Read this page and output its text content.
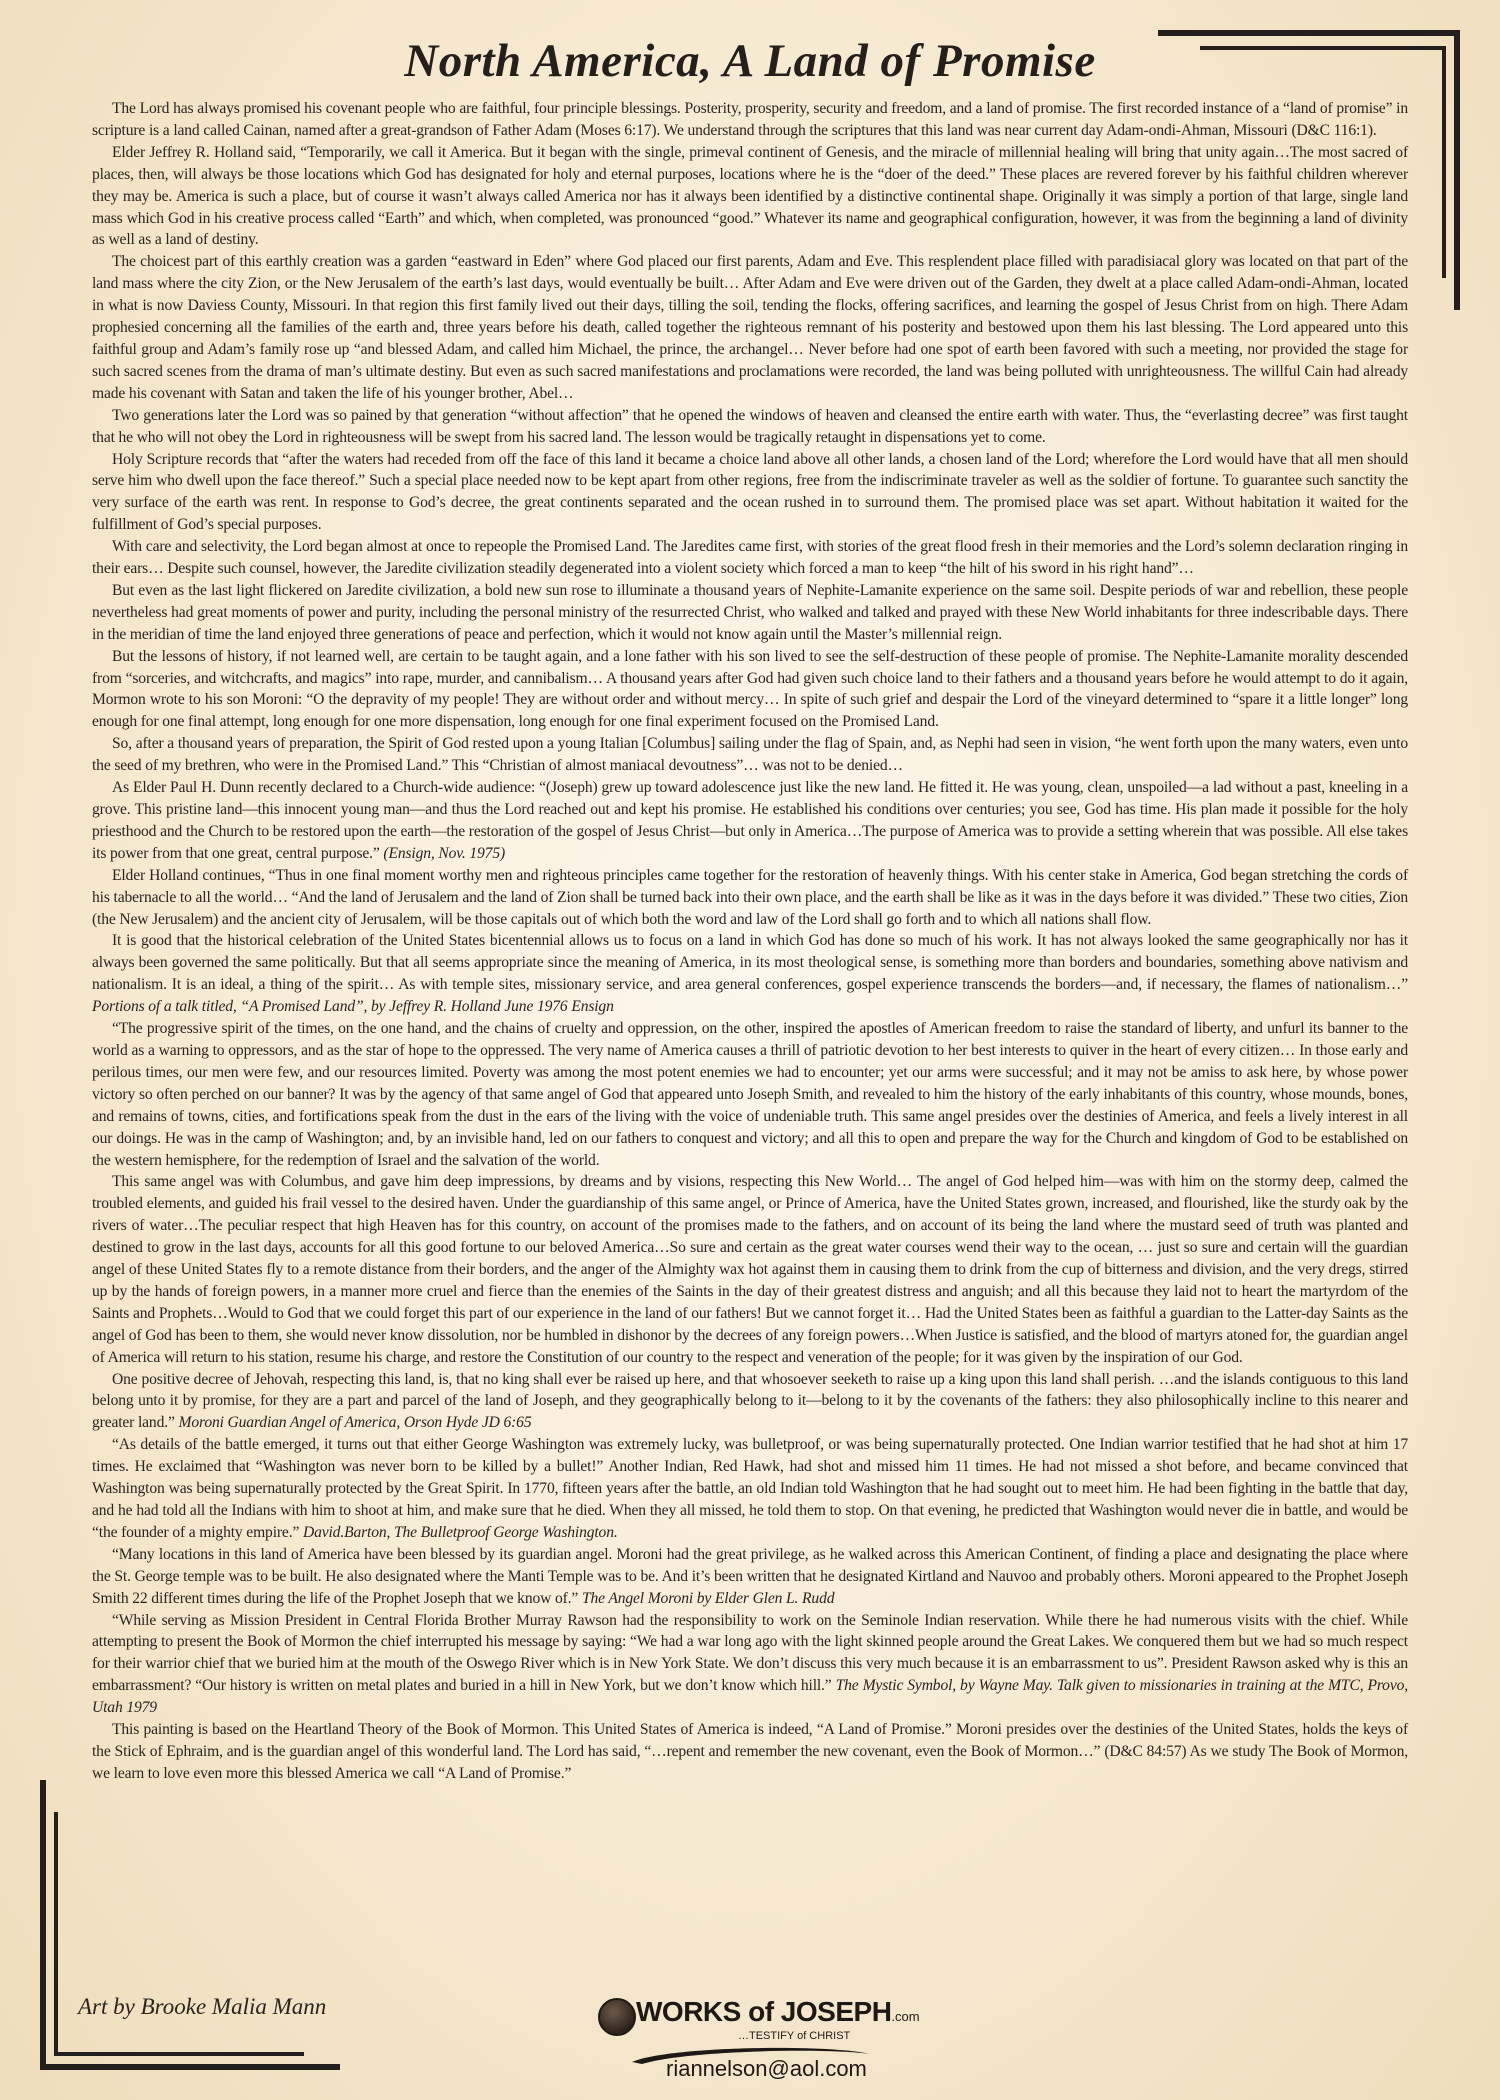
North America, A Land of Promise

The Lord has always promised his covenant people who are faithful, four principle blessings. Posterity, prosperity, security and freedom, and a land of promise. The first recorded instance of a “land of promise” in scripture is a land called Cainan, named after a great-grandson of Father Adam (Moses 6:17). We understand through the scriptures that this land was near current day Adam-ondi-Ahman, Missouri (D&C 116:1).

Elder Jeffrey R. Holland said, “Temporarily, we call it America. But it began with the single, primeval continent of Genesis, and the miracle of millennial healing will bring that unity again…The most sacred of places, then, will always be those locations which God has designated for holy and eternal purposes, locations where he is the “doer of the deed.” These places are revered forever by his faithful children wherever they may be. America is such a place, but of course it wasn’t always called America nor has it always been identified by a distinctive continental shape. Originally it was simply a portion of that large, single land mass which God in his creative process called “Earth” and which, when completed, was pronounced “good.” Whatever its name and geographical configuration, however, it was from the beginning a land of divinity as well as a land of destiny.

The choicest part of this earthly creation was a garden “eastward in Eden” where God placed our first parents, Adam and Eve. This resplendent place filled with paradisiacal glory was located on that part of the land mass where the city Zion, or the New Jerusalem of the earth’s last days, would eventually be built… After Adam and Eve were driven out of the Garden, they dwelt at a place called Adam-ondi-Ahman, located in what is now Daviess County, Missouri. In that region this first family lived out their days, tilling the soil, tending the flocks, offering sacrifices, and learning the gospel of Jesus Christ from on high. There Adam prophesied concerning all the families of the earth and, three years before his death, called together the righteous remnant of his posterity and bestowed upon them his last blessing. The Lord appeared unto this faithful group and Adam’s family rose up “and blessed Adam, and called him Michael, the prince, the archangel… Never before had one spot of earth been favored with such a meeting, nor provided the stage for such sacred scenes from the drama of man’s ultimate destiny. But even as such sacred manifestations and proclamations were recorded, the land was being polluted with unrighteousness. The willful Cain had already made his covenant with Satan and taken the life of his younger brother, Abel…

Two generations later the Lord was so pained by that generation “without affection” that he opened the windows of heaven and cleansed the entire earth with water. Thus, the “everlasting decree” was first taught that he who will not obey the Lord in righteousness will be swept from his sacred land. The lesson would be tragically retaught in dispensations yet to come.

Holy Scripture records that “after the waters had receded from off the face of this land it became a choice land above all other lands, a chosen land of the Lord; wherefore the Lord would have that all men should serve him who dwell upon the face thereof.” Such a special place needed now to be kept apart from other regions, free from the indiscriminate traveler as well as the soldier of fortune. To guarantee such sanctity the very surface of the earth was rent. In response to God’s decree, the great continents separated and the ocean rushed in to surround them. The promised place was set apart. Without habitation it waited for the fulfillment of God’s special purposes.

With care and selectivity, the Lord began almost at once to repeople the Promised Land. The Jaredites came first, with stories of the great flood fresh in their memories and the Lord’s solemn declaration ringing in their ears… Despite such counsel, however, the Jaredite civilization steadily degenerated into a violent society which forced a man to keep “the hilt of his sword in his right hand”…

But even as the last light flickered on Jaredite civilization, a bold new sun rose to illuminate a thousand years of Nephite-Lamanite experience on the same soil. Despite periods of war and rebellion, these people nevertheless had great moments of power and purity, including the personal ministry of the resurrected Christ, who walked and talked and prayed with these New World inhabitants for three indescribable days. There in the meridian of time the land enjoyed three generations of peace and perfection, which it would not know again until the Master’s millennial reign.

But the lessons of history, if not learned well, are certain to be taught again, and a lone father with his son lived to see the self-destruction of these people of promise. The Nephite-Lamanite morality descended from “sorceries, and witchcrafts, and magics” into rape, murder, and cannibalism… A thousand years after God had given such choice land to their fathers and a thousand years before he would attempt to do it again, Mormon wrote to his son Moroni: “O the depravity of my people! They are without order and without mercy… In spite of such grief and despair the Lord of the vineyard determined to “spare it a little longer” long enough for one final attempt, long enough for one more dispensation, long enough for one final experiment focused on the Promised Land.

So, after a thousand years of preparation, the Spirit of God rested upon a young Italian [Columbus] sailing under the flag of Spain, and, as Nephi had seen in vision, “he went forth upon the many waters, even unto the seed of my brethren, who were in the Promised Land.” This “Christian of almost maniacal devoutness”… was not to be denied…

As Elder Paul H. Dunn recently declared to a Church-wide audience: “(Joseph) grew up toward adolescence just like the new land. He fitted it. He was young, clean, unspoiled—a lad without a past, kneeling in a grove. This pristine land—this innocent young man—and thus the Lord reached out and kept his promise. He established his conditions over centuries; you see, God has time. His plan made it possible for the holy priesthood and the Church to be restored upon the earth—the restoration of the gospel of Jesus Christ—but only in America…The purpose of America was to provide a setting wherein that was possible. All else takes its power from that one great, central purpose.” (Ensign, Nov. 1975)

Elder Holland continues, “Thus in one final moment worthy men and righteous principles came together for the restoration of heavenly things. With his center stake in America, God began stretching the cords of his tabernacle to all the world… “And the land of Jerusalem and the land of Zion shall be turned back into their own place, and the earth shall be like as it was in the days before it was divided.” These two cities, Zion (the New Jerusalem) and the ancient city of Jerusalem, will be those capitals out of which both the word and law of the Lord shall go forth and to which all nations shall flow.

It is good that the historical celebration of the United States bicentennial allows us to focus on a land in which God has done so much of his work. It has not always looked the same geographically nor has it always been governed the same politically. But that all seems appropriate since the meaning of America, in its most theological sense, is something more than borders and boundaries, something above nativism and nationalism. It is an ideal, a thing of the spirit… As with temple sites, missionary service, and area general conferences, gospel experience transcends the borders—and, if necessary, the flames of nationalism…” Portions of a talk titled, “A Promised Land”, by Jeffrey R. Holland June 1976 Ensign

“The progressive spirit of the times, on the one hand, and the chains of cruelty and oppression, on the other, inspired the apostles of American freedom to raise the standard of liberty, and unfurl its banner to the world as a warning to oppressors, and as the star of hope to the oppressed. The very name of America causes a thrill of patriotic devotion to her best interests to quiver in the heart of every citizen… In those early and perilous times, our men were few, and our resources limited. Poverty was among the most potent enemies we had to encounter; yet our arms were successful; and it may not be amiss to ask here, by whose power victory so often perched on our banner? It was by the agency of that same angel of God that appeared unto Joseph Smith, and revealed to him the history of the early inhabitants of this country, whose mounds, bones, and remains of towns, cities, and fortifications speak from the dust in the ears of the living with the voice of undeniable truth. This same angel presides over the destinies of America, and feels a lively interest in all our doings. He was in the camp of Washington; and, by an invisible hand, led on our fathers to conquest and victory; and all this to open and prepare the way for the Church and kingdom of God to be established on the western hemisphere, for the redemption of Israel and the salvation of the world.

This same angel was with Columbus, and gave him deep impressions, by dreams and by visions, respecting this New World… The angel of God helped him—was with him on the stormy deep, calmed the troubled elements, and guided his frail vessel to the desired haven. Under the guardianship of this same angel, or Prince of America, have the United States grown, increased, and flourished, like the sturdy oak by the rivers of water…The peculiar respect that high Heaven has for this country, on account of the promises made to the fathers, and on account of its being the land where the mustard seed of truth was planted and destined to grow in the last days, accounts for all this good fortune to our beloved America…So sure and certain as the great water courses wend their way to the ocean, … just so sure and certain will the guardian angel of these United States fly to a remote distance from their borders, and the anger of the Almighty wax hot against them in causing them to drink from the cup of bitterness and division, and the very dregs, stirred up by the hands of foreign powers, in a manner more cruel and fierce than the enemies of the Saints in the day of their greatest distress and anguish; and all this because they laid not to heart the martyrdom of the Saints and Prophets…Would to God that we could forget this part of our experience in the land of our fathers! But we cannot forget it… Had the United States been as faithful a guardian to the Latter-day Saints as the angel of God has been to them, she would never know dissolution, nor be humbled in dishonor by the decrees of any foreign powers…When Justice is satisfied, and the blood of martyrs atoned for, the guardian angel of America will return to his station, resume his charge, and restore the Constitution of our country to the respect and veneration of the people; for it was given by the inspiration of our God.

One positive decree of Jehovah, respecting this land, is, that no king shall ever be raised up here, and that whosoever seeketh to raise up a king upon this land shall perish. …and the islands contiguous to this land belong unto it by promise, for they are a part and parcel of the land of Joseph, and they geographically belong to it—belong to it by the covenants of the fathers: they also philosophically incline to this nearer and greater land.” Moroni Guardian Angel of America, Orson Hyde JD 6:65

“As details of the battle emerged, it turns out that either George Washington was extremely lucky, was bulletproof, or was being supernaturally protected. One Indian warrior testified that he had shot at him 17 times. He exclaimed that “Washington was never born to be killed by a bullet!” Another Indian, Red Hawk, had shot and missed him 11 times. He had not missed a shot before, and became convinced that Washington was being supernaturally protected by the Great Spirit. In 1770, fifteen years after the battle, an old Indian told Washington that he had sought out to meet him. He had been fighting in the battle that day, and he had told all the Indians with him to shoot at him, and make sure that he died. When they all missed, he told them to stop. On that evening, he predicted that Washington would never die in battle, and would be “the founder of a mighty empire.” David.Barton, The Bulletproof George Washington.

“Many locations in this land of America have been blessed by its guardian angel. Moroni had the great privilege, as he walked across this American Continent, of finding a place and designating the place where the St. George temple was to be built. He also designated where the Manti Temple was to be. And it’s been written that he designated Kirtland and Nauvoo and probably others. Moroni appeared to the Prophet Joseph Smith 22 different times during the life of the Prophet Joseph that we know of.” The Angel Moroni by Elder Glen L. Rudd

“While serving as Mission President in Central Florida Brother Murray Rawson had the responsibility to work on the Seminole Indian reservation. While there he had numerous visits with the chief. While attempting to present the Book of Mormon the chief interrupted his message by saying: “We had a war long ago with the light skinned people around the Great Lakes. We conquered them but we had so much respect for their warrior chief that we buried him at the mouth of the Oswego River which is in New York State. We don’t discuss this very much because it is an embarrassment to us”. President Rawson asked why is this an embarrassment? “Our history is written on metal plates and buried in a hill in New York, but we don’t know which hill.” The Mystic Symbol, by Wayne May. Talk given to missionaries in training at the MTC, Provo, Utah 1979

This painting is based on the Heartland Theory of the Book of Mormon. This United States of America is indeed, “A Land of Promise.” Moroni presides over the destinies of the United States, holds the keys of the Stick of Ephraim, and is the guardian angel of this wonderful land. The Lord has said, “…repent and remember the new covenant, even the Book of Mormon…” (D&C 84:57) As we study The Book of Mormon, we learn to love even more this blessed America we call “A Land of Promise.”

Art by Brooke Malia Mann	WORKS of JOSEPH.com
…TESTIFY of CHRIST
riannelson@aol.com
